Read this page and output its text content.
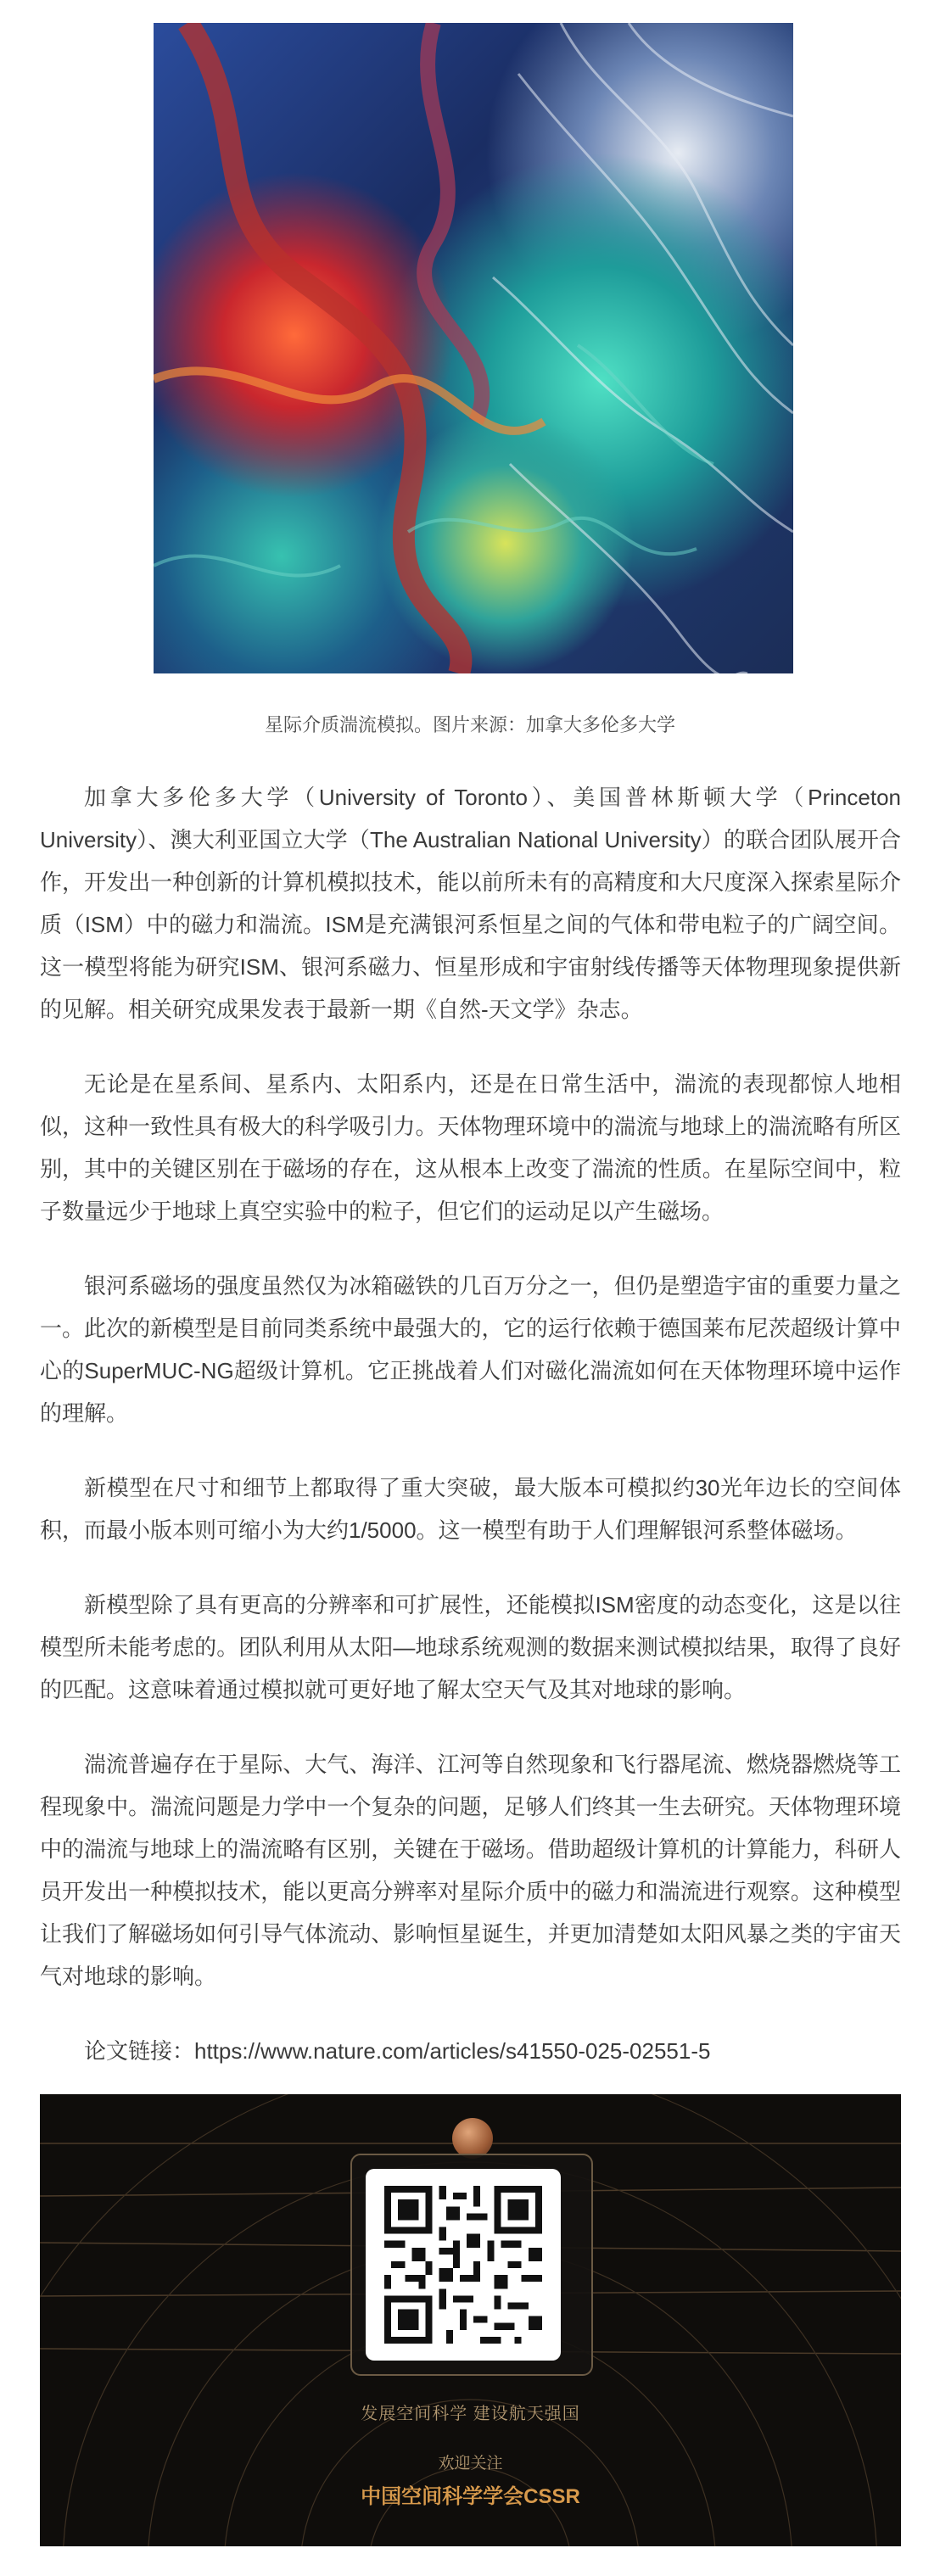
星际介质湍流模拟。图片来源：加拿大多伦多大学

加拿大多伦多大学（University of Toronto）、美国普林斯顿大学（Princeton University）、澳大利亚国立大学（The Australian National University）的联合团队展开合作，开发出一种创新的计算机模拟技术，能以前所未有的高精度和大尺度深入探索星际介质（ISM）中的磁力和湍流。ISM是充满银河系恒星之间的气体和带电粒子的广阔空间。这一模型将能为研究ISM、银河系磁力、恒星形成和宇宙射线传播等天体物理现象提供新的见解。相关研究成果发表于最新一期《自然-天文学》杂志。

无论是在星系间、星系内、太阳系内，还是在日常生活中，湍流的表现都惊人地相似，这种一致性具有极大的科学吸引力。天体物理环境中的湍流与地球上的湍流略有所区别，其中的关键区别在于磁场的存在，这从根本上改变了湍流的性质。在星际空间中，粒子数量远少于地球上真空实验中的粒子，但它们的运动足以产生磁场。

银河系磁场的强度虽然仅为冰箱磁铁的几百万分之一，但仍是塑造宇宙的重要力量之一。此次的新模型是目前同类系统中最强大的，它的运行依赖于德国莱布尼茨超级计算中心的SuperMUC-NG超级计算机。它正挑战着人们对磁化湍流如何在天体物理环境中运作的理解。

新模型在尺寸和细节上都取得了重大突破，最大版本可模拟约30光年边长的空间体积，而最小版本则可缩小为大约1/5000。这一模型有助于人们理解银河系整体磁场。

新模型除了具有更高的分辨率和可扩展性，还能模拟ISM密度的动态变化，这是以往模型所未能考虑的。团队利用从太阳—地球系统观测的数据来测试模拟结果，取得了良好的匹配。这意味着通过模拟就可更好地了解太空天气及其对地球的影响。

湍流普遍存在于星际、大气、海洋、江河等自然现象和飞行器尾流、燃烧器燃烧等工程现象中。湍流问题是力学中一个复杂的问题，足够人们终其一生去研究。天体物理环境中的湍流与地球上的湍流略有区别，关键在于磁场。借助超级计算机的计算能力，科研人员开发出一种模拟技术，能以更高分辨率对星际介质中的磁力和湍流进行观察。这种模型让我们了解磁场如何引导气体流动、影响恒星诞生，并更加清楚如太阳风暴之类的宇宙天气对地球的影响。

论文链接：https://www.nature.com/articles/s41550-025-02551-5

发展空间科学 建设航天强国
欢迎关注
中国空间科学学会CSSR
